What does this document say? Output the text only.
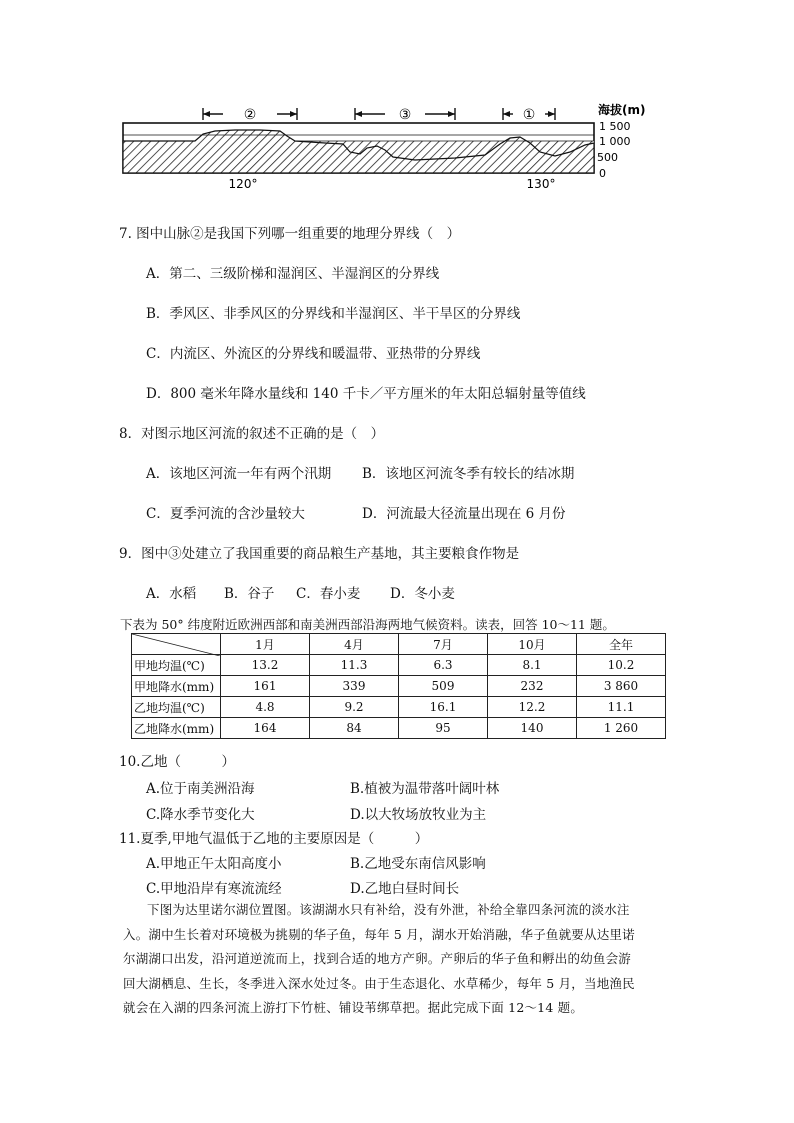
②	③	①	海拔(m)
1 500
1 000
500
0
120°	130°
7. 图中山脉②是我国下列哪一组重要的地理分界线（　）
A．第二、三级阶梯和湿润区、半湿润区的分界线
B．季风区、非季风区的分界线和半湿润区、半干旱区的分界线
C．内流区、外流区的分界线和暖温带、亚热带的分界线
D．800 毫米年降水量线和 140 千卡／平方厘米的年太阳总辐射量等值线
8．对图示地区河流的叙述不正确的是（　）
A．该地区河流一年有两个汛期 B．该地区河流冬季有较长的结冰期
C．夏季河流的含沙量较大	D．河流最大径流量出现在 6 月份
9．图中③处建立了我国重要的商品粮生产基地，其主要粮食作物是
A．水稻 B．谷子 C．春小麦 D．冬小麦
下表为 50° 纬度附近欧洲西部和南美洲西部沿海两地气候资料。读表，回答 10～11 题。
	1月	4月	7月	10月	全年
甲地均温(℃)	13.2	11.3	6.3	8.1	10.2
甲地降水(mm)	161	339	509	232	3 860
乙地均温(℃)	4.8	9.2	16.1	12.2	11.1
乙地降水(mm)	164	84	95	140	1 260
10.乙地（　　　）
A.位于南美洲沿海	B.植被为温带落叶阔叶林
C.降水季节变化大	D.以大牧场放牧业为主
11.夏季,甲地气温低于乙地的主要原因是（　　　）
A.甲地正午太阳高度小	B.乙地受东南信风影响
C.甲地沿岸有寒流流经	D.乙地白昼时间长
下图为达里诺尔湖位置图。该湖湖水只有补给，没有外泄，补给全靠四条河流的淡水注
入。湖中生长着对环境极为挑剔的华子鱼，每年 5 月，湖水开始消融，华子鱼就要从达里诺
尔湖湖口出发，沿河道逆流而上，找到合适的地方产卵。产卵后的华子鱼和孵出的幼鱼会游
回大湖栖息、生长，冬季进入深水处过冬。由于生态退化、水草稀少，每年 5 月，当地渔民
就会在入湖的四条河流上游打下竹桩、铺设苇绑草把。据此完成下面 12～14 题。
